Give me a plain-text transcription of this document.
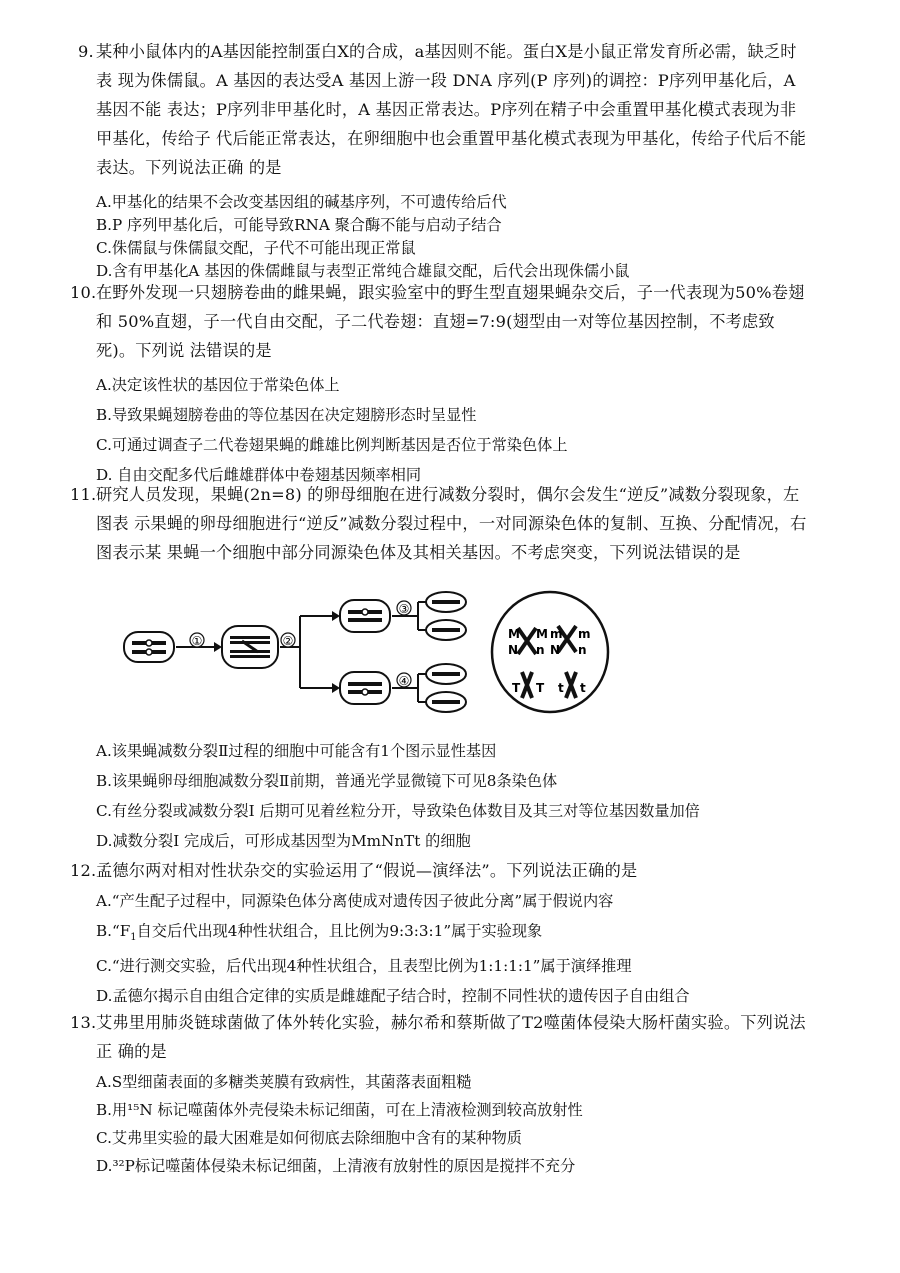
9. 某种小鼠体内的A基因能控制蛋白X的合成，a基因则不能。蛋白X是小鼠正常发育所必需，缺乏时表 现为侏儒鼠。A 基因的表达受A 基因上游一段 DNA 序列(P 序列)的调控：P序列甲基化后，A 基因不能 表达；P序列非甲基化时，A 基因正常表达。P序列在精子中会重置甲基化模式表现为非甲基化，传给子 代后能正常表达，在卵细胞中也会重置甲基化模式表现为甲基化，传给子代后不能表达。下列说法正确 的是

A.甲基化的结果不会改变基因组的碱基序列，不可遗传给后代
B.P 序列甲基化后，可能导致RNA 聚合酶不能与启动子结合
C.侏儒鼠与侏儒鼠交配，子代不可能出现正常鼠
D.含有甲基化A 基因的侏儒雌鼠与表型正常纯合雄鼠交配，后代会出现侏儒小鼠

10. 在野外发现一只翅膀卷曲的雌果蝇，跟实验室中的野生型直翅果蝇杂交后，子一代表现为50%卷翅和 50%直翅，子一代自由交配，子二代卷翅：直翅=7:9(翅型由一对等位基因控制，不考虑致死)。下列说 法错误的是

A.决定该性状的基因位于常染色体上
B.导致果蝇翅膀卷曲的等位基因在决定翅膀形态时呈显性
C.可通过调查子二代卷翅果蝇的雌雄比例判断基因是否位于常染色体上
D. 自由交配多代后雌雄群体中卷翅基因频率相同

11. 研究人员发现，果蝇(2n=8) 的卵母细胞在进行减数分裂时，偶尔会发生“逆反”减数分裂现象，左图表 示果蝇的卵母细胞进行“逆反”减数分裂过程中，一对同源染色体的复制、互换、分配情况，右图表示某 果蝇一个细胞中部分同源染色体及其相关基因。不考虑突变，下列说法错误的是

A.该果蝇减数分裂Ⅱ过程的细胞中可能含有1个图示显性基因
B.该果蝇卵母细胞减数分裂Ⅱ前期，普通光学显微镜下可见8条染色体
C.有丝分裂或减数分裂Ⅰ 后期可见着丝粒分开，导致染色体数目及其三对等位基因数量加倍
D.减数分裂Ⅰ 完成后，可形成基因型为MmNnTt 的细胞
①	②
③
④
M
N
M
n
m
N
m
n
T T t t

12. 孟德尔两对相对性状杂交的实验运用了“假说—演绎法”。下列说法正确的是

A.“产生配子过程中，同源染色体分离使成对遗传因子彼此分离”属于假说内容
$B.“F_1$自交后代出现4种性状组合，且比例为9:3:3:1”属于实验现象
C.“进行测交实验，后代出现4种性状组合，且表型比例为1:1:1:1”属于演绎推理
D.孟德尔揭示自由组合定律的实质是雌雄配子结合时，控制不同性状的遗传因子自由组合

13. 艾弗里用肺炎链球菌做了体外转化实验，赫尔希和蔡斯做了T2噬菌体侵染大肠杆菌实验。下列说法正 确的是

A.S型细菌表面的多糖类荚膜有致病性，其菌落表面粗糙
B.用¹⁵N 标记噬菌体外壳侵染未标记细菌，可在上清液检测到较高放射性
C.艾弗里实验的最大困难是如何彻底去除细胞中含有的某种物质
D.³²P标记噬菌体侵染未标记细菌，上清液有放射性的原因是搅拌不充分
